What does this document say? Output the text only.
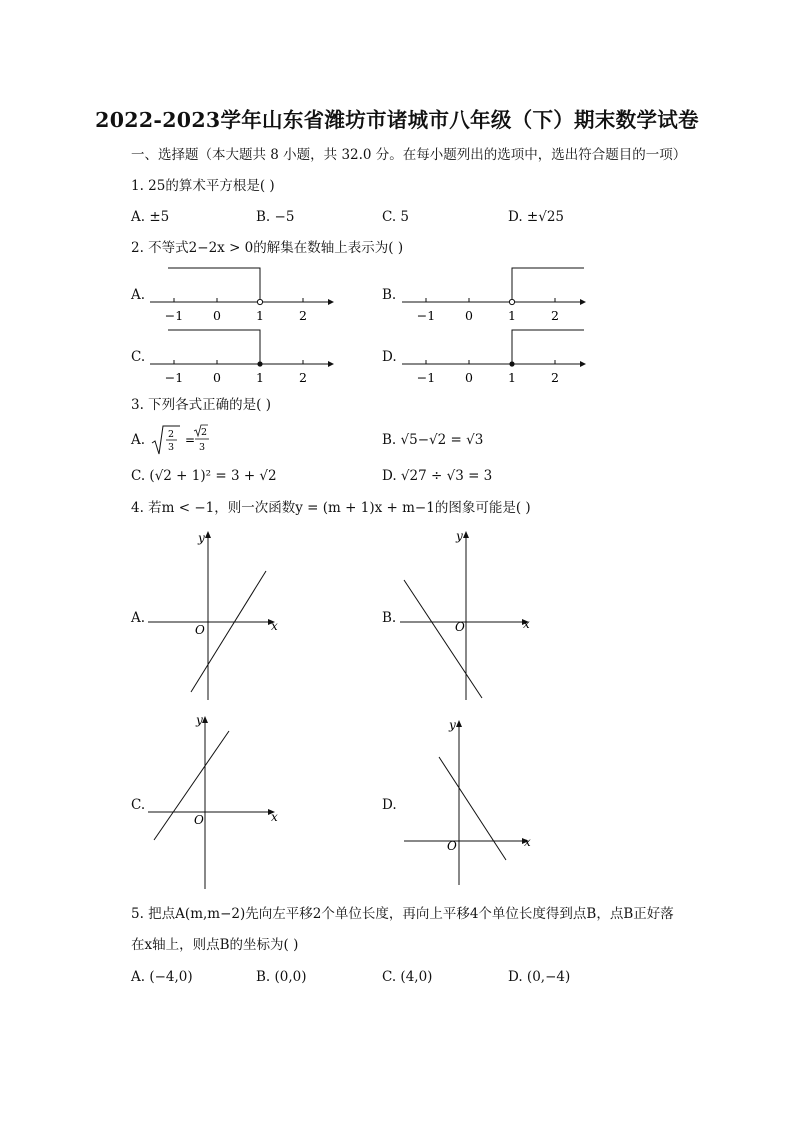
2022-2023学年山东省潍坊市诸城市八年级（下）期末数学试卷
一、选择题（本大题共 8 小题，共 32.0 分。在每小题列出的选项中，选出符合题目的一项）
1. 25的算术平方根是( )
A. ±5	B. −5	C. 5	D. ±√25
2. 不等式2−2x > 0的解集在数轴上表示为( )
A.	B.
C.	D.
−1 0	1	2	−1 0	1	2
−1 0	1	2	−1 0	1	2
3. 下列各式正确的是( )
A. 2
3
=
2
3	B. √5−√2 = √3
C. (√2 + 1)² = 3 + √2	D. √27 ÷ √3 = 3
4. 若m < −1，则一次函数y = (m + 1)x + m−1的图象可能是( )
A.	B.
C.	D.
x
y
O	x
y
O
x
y
O
x
y
O
5. 把点A(m,m−2)先向左平移2个单位长度，再向上平移4个单位长度得到点B，点B正好落
在x轴上，则点B的坐标为( )
A. (−4,0)	B. (0,0)	C. (4,0)	D. (0,−4)
